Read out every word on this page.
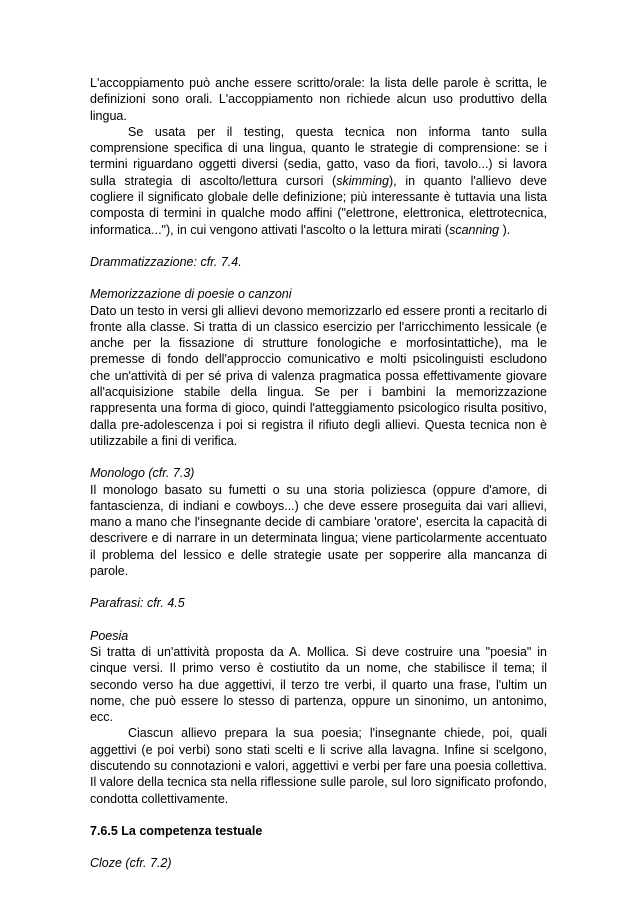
L'accoppiamento può anche essere scritto/orale: la lista delle parole è scritta, le definizioni sono orali. L'accoppiamento non richiede alcun uso produttivo della lingua.

Se usata per il testing, questa tecnica non informa tanto sulla comprensione specifica di una lingua, quanto le strategie di comprensione: se i termini riguardano oggetti diversi (sedia, gatto, vaso da fiori, tavolo...) si lavora sulla strategia di ascolto/lettura cursori (skimming), in quanto l'allievo deve cogliere il significato globale delle definizione; più interessante è tuttavia una lista composta di termini in qualche modo affini ("elettrone, elettronica, elettrotecnica, informatica..."), in cui vengono attivati l'ascolto o la lettura mirati (scanning ).

Drammatizzazione: cfr. 7.4.

Memorizzazione di poesie o canzoni

Dato un testo in versi gli allievi devono memorizzarlo ed essere pronti a recitarlo di fronte alla classe. Si tratta di un classico esercizio per l'arricchimento lessicale (e anche per la fissazione di strutture fonologiche e morfosintattiche), ma le premesse di fondo dell'approccio comunicativo e molti psicolinguisti escludono che un'attività di per sé priva di valenza pragmatica possa effettivamente giovare all'acquisizione stabile della lingua. Se per i bambini la memorizzazione rappresenta una forma di gioco, quindi l'atteggiamento psicologico risulta positivo, dalla pre-adolescenza i poi si registra il rifiuto degli allievi. Questa tecnica non è utilizzabile a fini di verifica.

Monologo (cfr. 7.3)

Il monologo basato su fumetti o su una storia poliziesca (oppure d'amore, di fantascienza, di indiani e cowboys...) che deve essere proseguita dai vari allievi, mano a mano che l'insegnante decide di cambiare 'oratore', esercita la capacità di descrivere e di narrare in un determinata lingua; viene particolarmente accentuato il problema del lessico e delle strategie usate per sopperire alla mancanza di parole.

Parafrasi: cfr. 4.5

Poesia

Si tratta di un'attività proposta da A. Mollica. Si deve costruire una "poesia" in cinque versi. Il primo verso è costiutito da un nome, che stabilisce il tema; il secondo verso ha due aggettivi, il terzo tre verbi, il quarto una frase, l'ultim un nome, che può essere lo stesso di partenza, oppure un sinonimo, un antonimo, ecc.

Ciascun allievo prepara la sua poesia; l'insegnante chiede, poi, quali aggettivi (e poi verbi) sono stati scelti e li scrive alla lavagna. Infine si scelgono, discutendo su connotazioni e valori, aggettivi e verbi per fare una poesia collettiva. Il valore della tecnica sta nella riflessione sulle parole, sul loro significato profondo, condotta collettivamente.

7.6.5 La competenza testuale

Cloze (cfr. 7.2)
